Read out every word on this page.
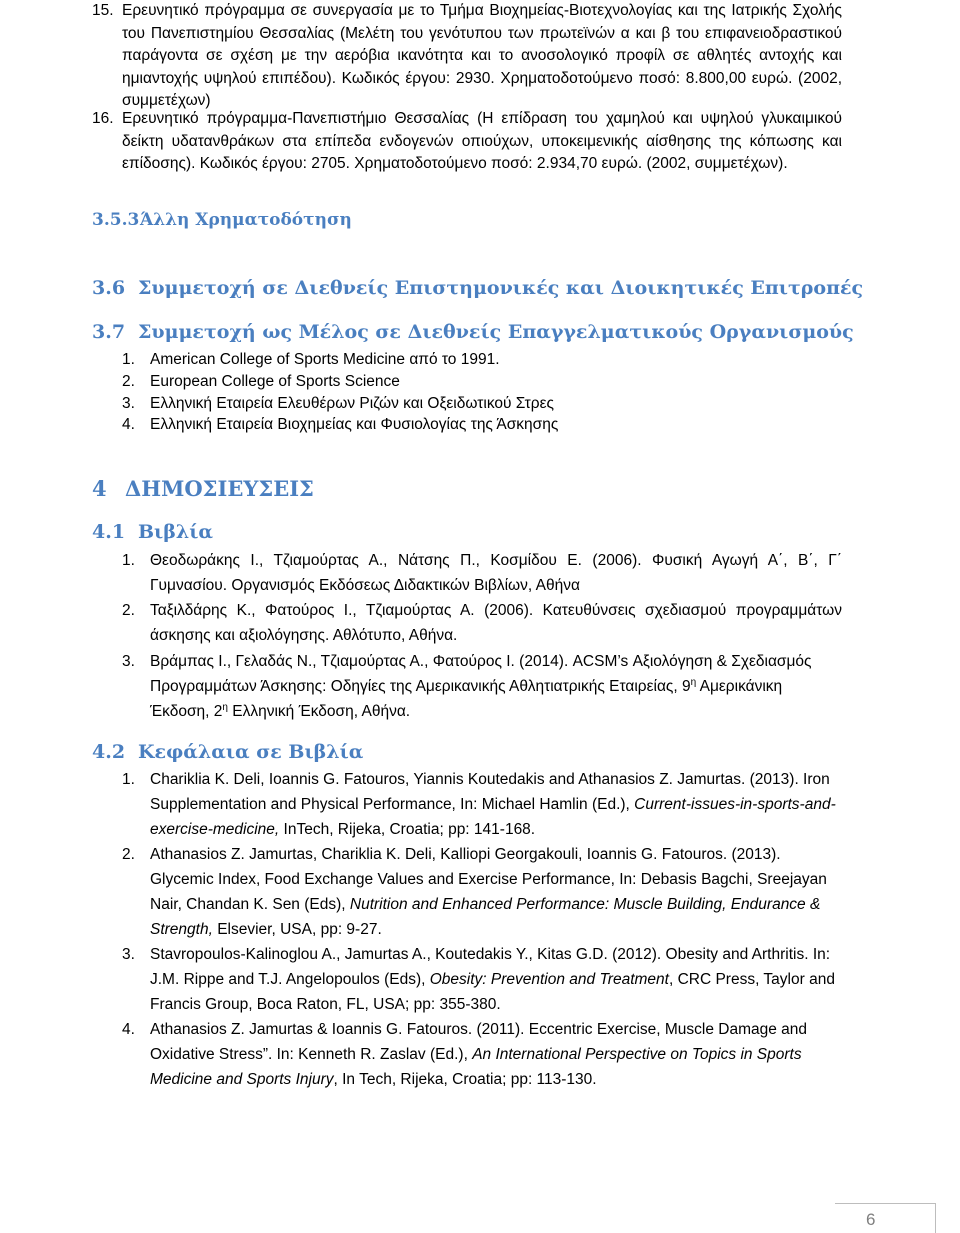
15. Ερευνητικό πρόγραμμα σε συνεργασία με το Τμήμα Βιοχημείας-Βιοτεχνολογίας και της Ιατρικής Σχολής του Πανεπιστημίου Θεσσαλίας (Μελέτη του γενότυπου των πρωτεϊνών α και β του επιφανειοδραστικού παράγοντα σε σχέση με την αερόβια ικανότητα και το ανοσολογικό προφίλ σε αθλητές αντοχής και ημιαντοχής υψηλού επιπέδου). Κωδικός έργου: 2930. Χρηματοδοτούμενο ποσό: 8.800,00 ευρώ. (2002, συμμετέχων)
16. Ερευνητικό πρόγραμμα-Πανεπιστήμιο Θεσσαλίας (Η επίδραση του χαμηλού και υψηλού γλυκαιμικού δείκτη υδατανθράκων στα επίπεδα ενδογενών οπιούχων, υποκειμενικής αίσθησης της κόπωσης και επίδοσης). Κωδικός έργου: 2705. Χρηματοδοτούμενο ποσό: 2.934,70 ευρώ. (2002, συμμετέχων).
3.5.3Άλλη Χρηματοδότηση
3.6 Συμμετοχή σε Διεθνείς Επιστημονικές και Διοικητικές Επιτροπές
3.7 Συμμετοχή ως Μέλος σε Διεθνείς Επαγγελματικούς Οργανισμούς
1. American College of Sports Medicine από το 1991.
2. European College of Sports Science
3. Ελληνική Εταιρεία Ελευθέρων Ριζών και Οξειδωτικού Στρες
4. Ελληνική Εταιρεία Βιοχημείας και Φυσιολογίας της Άσκησης
4 ΔΗΜΟΣΙΕΥΣΕΙΣ
4.1 Βιβλία
1. Θεοδωράκης Ι., Τζιαμούρτας Α., Νάτσης Π., Κοσμίδου Ε. (2006). Φυσική Αγωγή Α΄, Β΄, Γ΄ Γυμνασίου. Οργανισμός Εκδόσεως Διδακτικών Βιβλίων, Αθήνα
2. Ταξιλδάρης Κ., Φατούρος Ι., Τζιαμούρτας Α. (2006). Κατευθύνσεις σχεδιασμού προγραμμάτων άσκησης και αξιολόγησης. Αθλότυπο, Αθήνα.
3. Βράμπας Ι., Γελαδάς Ν., Τζιαμούρτας Α., Φατούρος Ι. (2014). ACSM’s Αξιολόγηση & Σχεδιασμός Προγραμμάτων Άσκησης: Οδηγίες της Αμερικανικής Αθλητιατρικής Εταιρείας, $9^\eta$ Αμερικάνικη Έκδοση, $2^\eta$ Ελληνική Έκδοση, Αθήνα.
4.2 Κεφάλαια σε Βιβλία
1. Chariklia K. Deli, Ioannis G. Fatouros, Yiannis Koutedakis and Athanasios Z. Jamurtas. (2013). Iron Supplementation and Physical Performance, In: Michael Hamlin (Ed.), Current-issues-in-sports-and-exercise-medicine, InTech, Rijeka, Croatia; pp: 141-168.
2. Athanasios Z. Jamurtas, Chariklia K. Deli, Kalliopi Georgakouli, Ioannis G. Fatouros. (2013). Glycemic Index, Food Exchange Values and Exercise Performance, In: Debasis Bagchi, Sreejayan Nair, Chandan K. Sen (Eds), Nutrition and Enhanced Performance: Muscle Building, Endurance & Strength, Elsevier, USA, pp: 9-27.
3. Stavropoulos-Kalinoglou A., Jamurtas A., Koutedakis Y., Kitas G.D. (2012). Obesity and Arthritis. In: J.M. Rippe and T.J. Angelopoulos (Eds), Obesity: Prevention and Treatment, CRC Press, Taylor and Francis Group, Boca Raton, FL, USA; pp: 355-380.
4. Athanasios Z. Jamurtas & Ioannis G. Fatouros. (2011). Eccentric Exercise, Muscle Damage and Oxidative Stress”. In: Kenneth R. Zaslav (Ed.), An International Perspective on Topics in Sports Medicine and Sports Injury, In Tech, Rijeka, Croatia; pp: 113-130.
6
